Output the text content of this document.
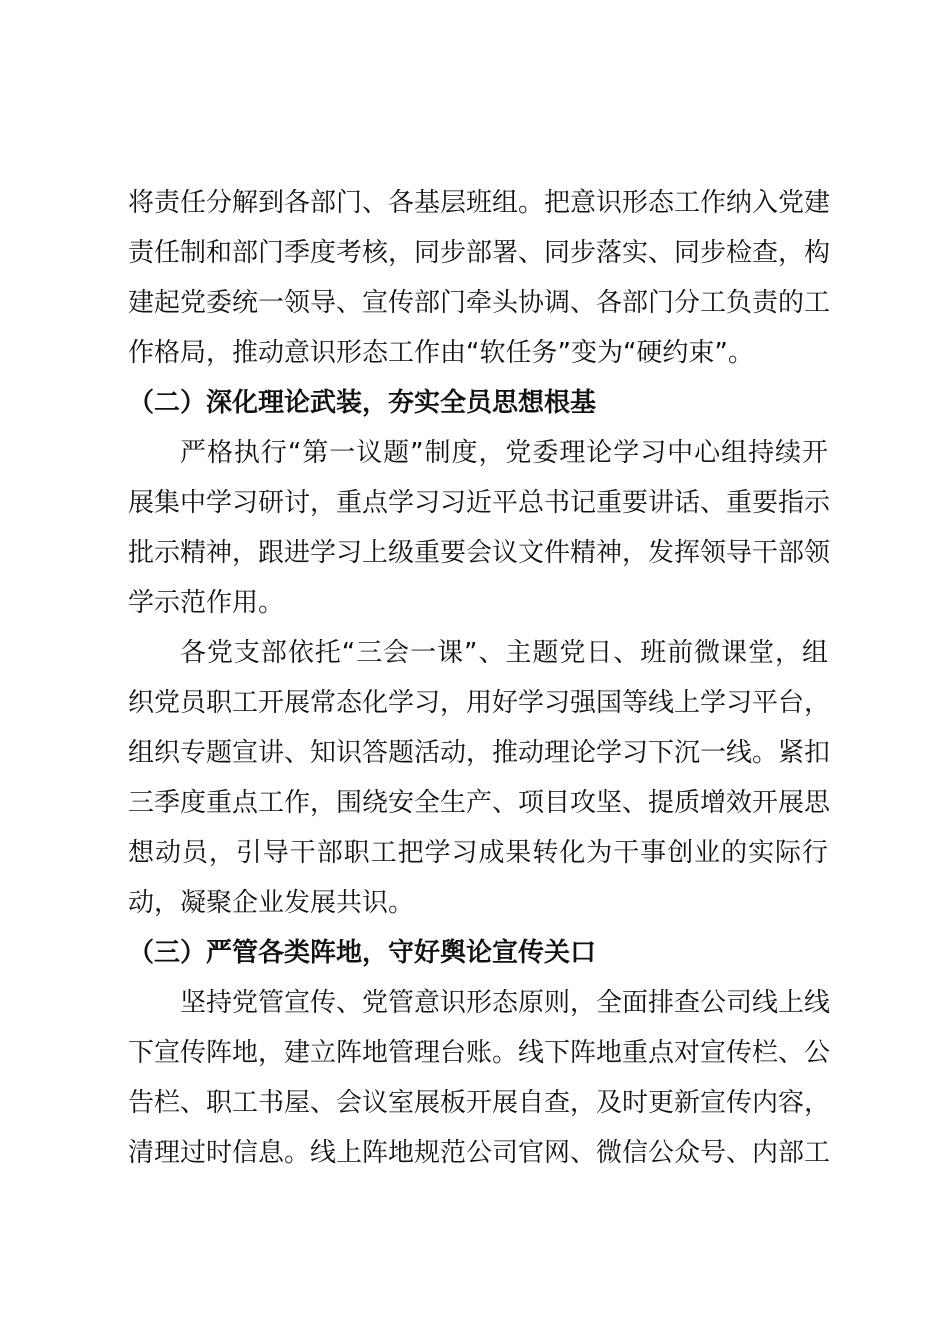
将责任分解到各部门、各基层班组。把意识形态工作纳入党建
责任制和部门季度考核，同步部署、同步落实、同步检查，构
建起党委统一领导、宣传部门牵头协调、各部门分工负责的工
作格局，推动意识形态工作由“软任务”变为“硬约束”。

（二）深化理论武装，夯实全员思想根基

严格执行“第一议题”制度，党委理论学习中心组持续开
展集中学习研讨，重点学习习近平总书记重要讲话、重要指示
批示精神，跟进学习上级重要会议文件精神，发挥领导干部领
学示范作用。

各党支部依托“三会一课”、主题党日、班前微课堂，组
织党员职工开展常态化学习，用好学习强国等线上学习平台，
组织专题宣讲、知识答题活动，推动理论学习下沉一线。紧扣
三季度重点工作，围绕安全生产、项目攻坚、提质增效开展思
想动员，引导干部职工把学习成果转化为干事创业的实际行
动，凝聚企业发展共识。

（三）严管各类阵地，守好舆论宣传关口

坚持党管宣传、党管意识形态原则，全面排查公司线上线
下宣传阵地，建立阵地管理台账。线下阵地重点对宣传栏、公
告栏、职工书屋、会议室展板开展自查，及时更新宣传内容，
清理过时信息。线上阵地规范公司官网、微信公众号、内部工
